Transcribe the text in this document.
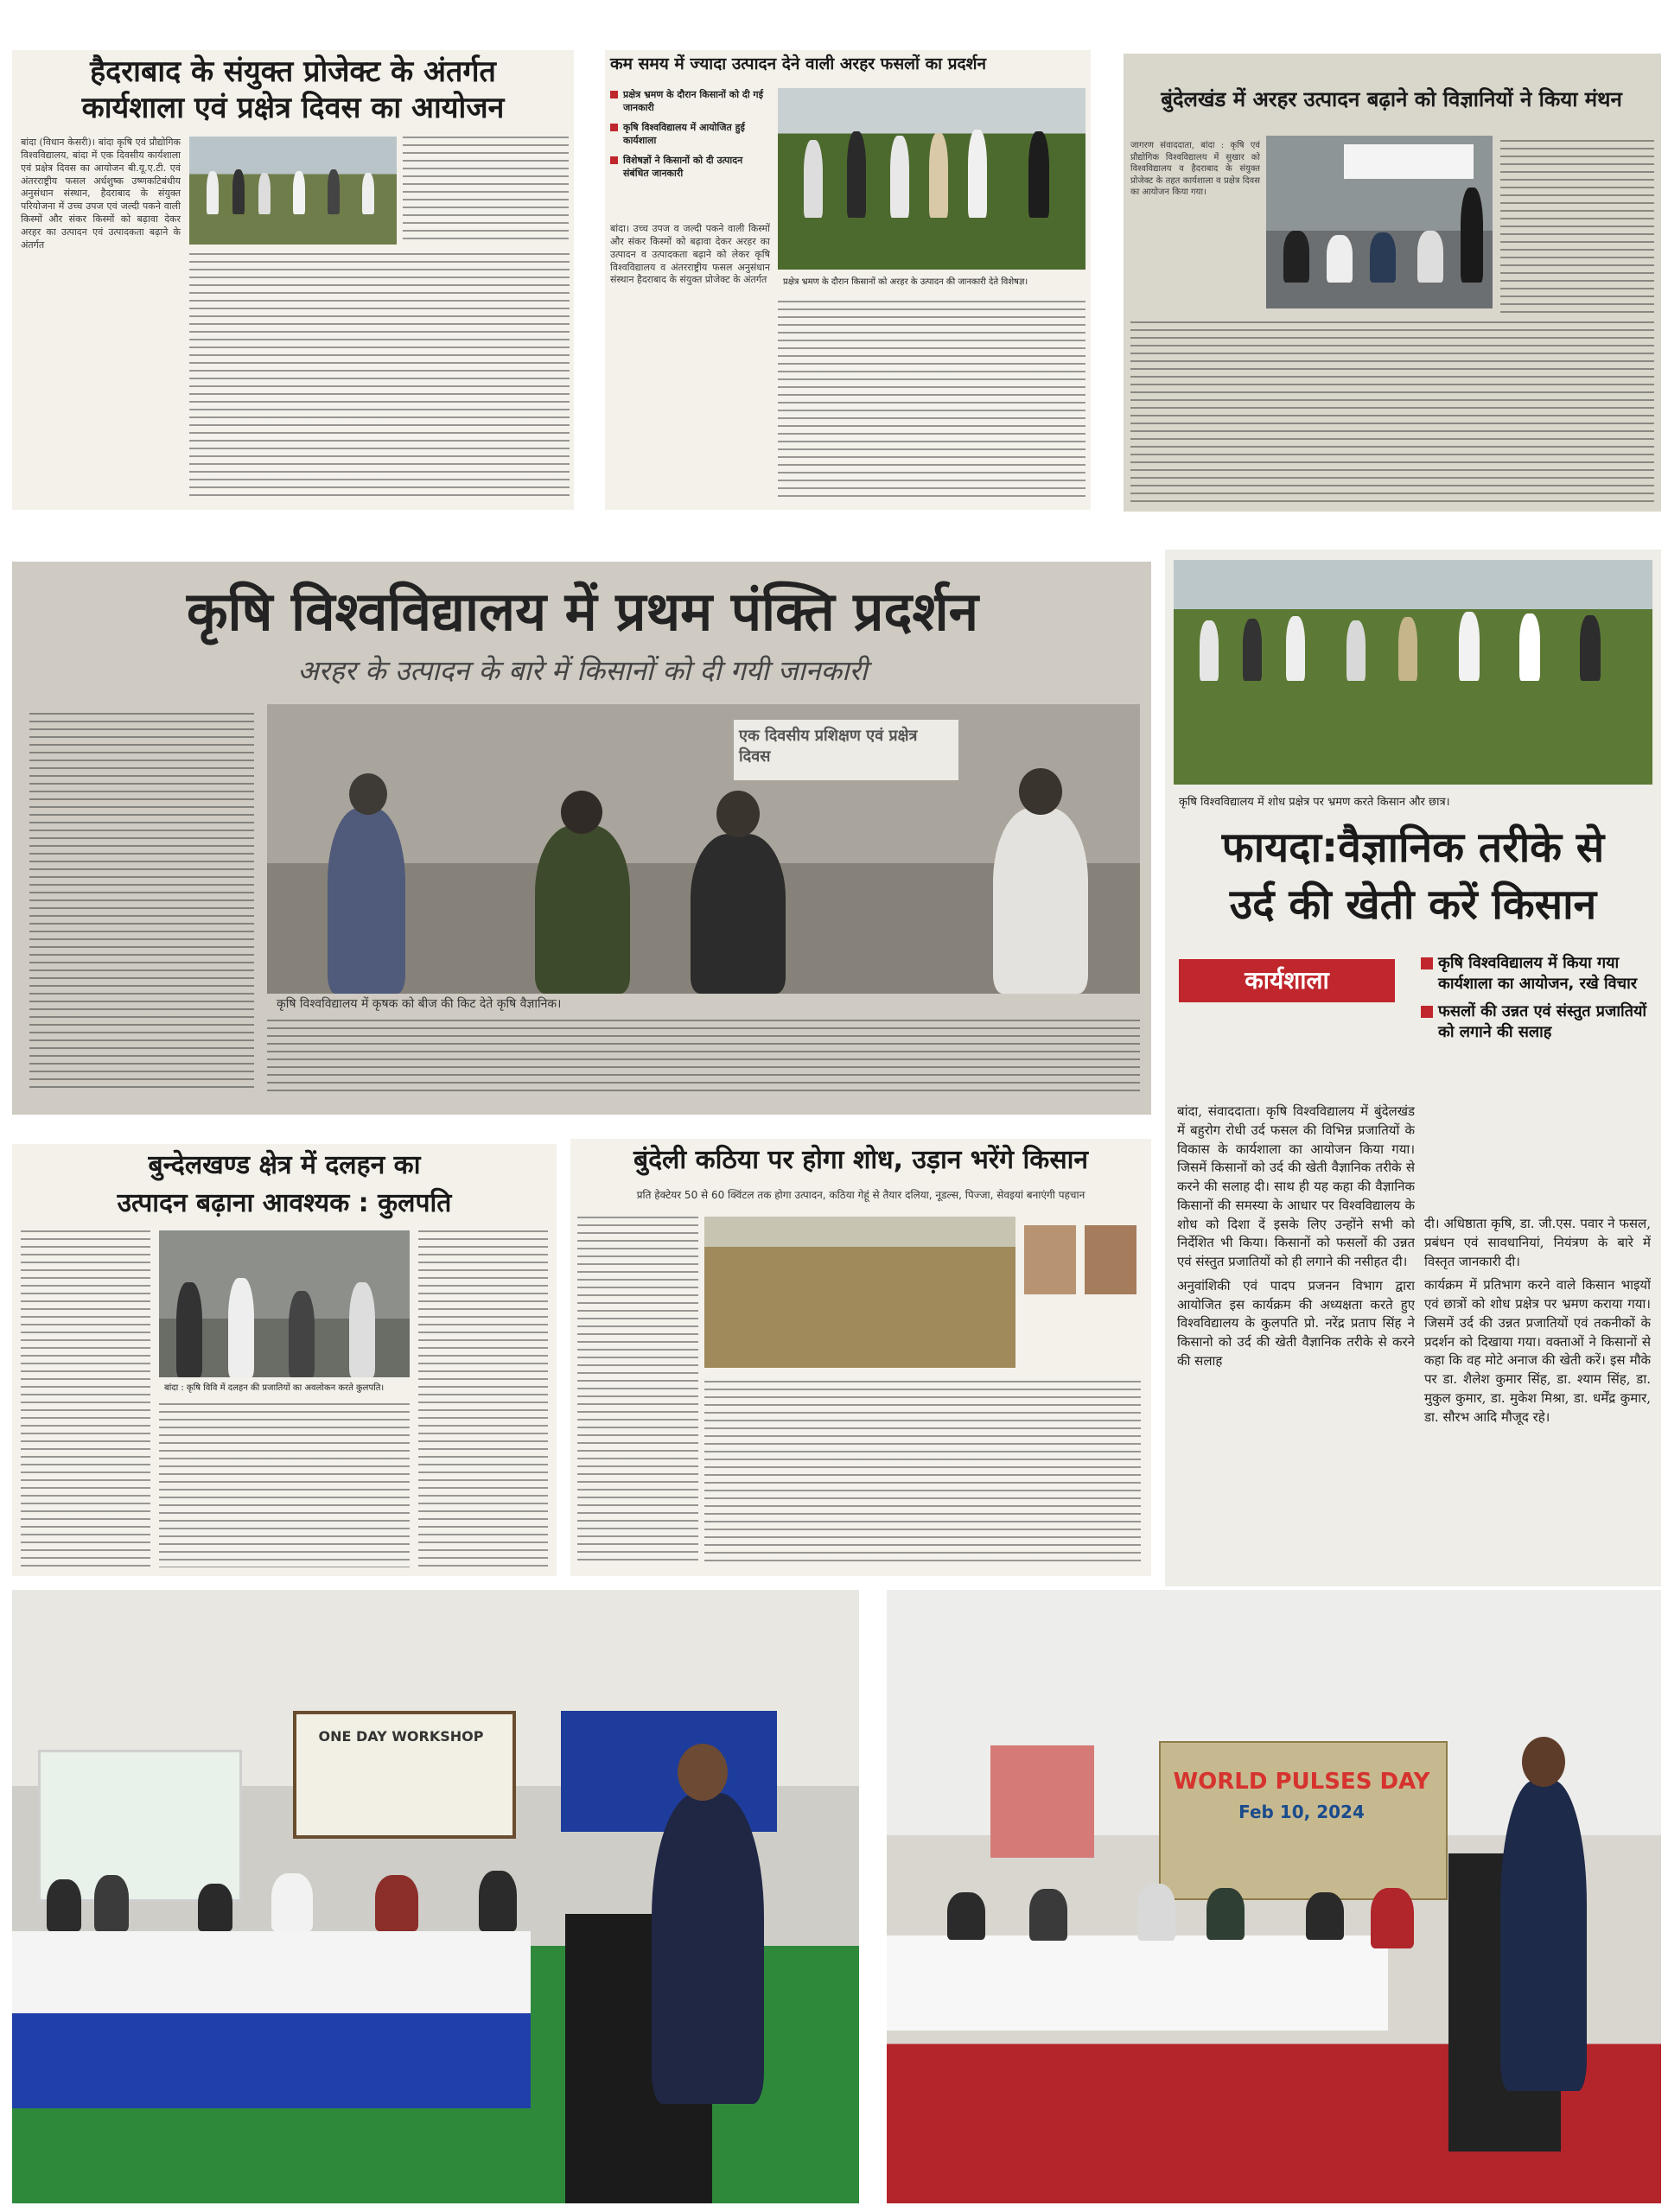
हैदराबाद के संयुक्त प्रोजेक्ट के अंतर्गत
कार्यशाला एवं प्रक्षेत्र दिवस का आयोजन
बांदा (विधान केसरी)। बांदा कृषि एवं प्रौद्योगिक विश्वविद्यालय, बांदा में एक दिवसीय कार्यशाला एवं प्रक्षेत्र दिवस का आयोजन बी.यू.ए.टी. एवं अंतरराष्ट्रीय फसल अर्धशुष्क उष्णकटिबंधीय अनुसंधान संस्थान, हैदराबाद के संयुक्त परियोजना में उच्च उपज एवं जल्दी पकने वाली किस्मों और संकर किस्मों को बढ़ावा देकर अरहर का उत्पादन एवं उत्पादकता बढ़ाने के अंतर्गत
कम समय में ज्यादा उत्पादन देने वाली अरहर फसलों का प्रदर्शन
प्रक्षेत्र भ्रमण के दौरान किसानों को दी गई जानकारी
कृषि विश्वविद्यालय में आयोजित हुई कार्यशाला
विशेषज्ञों ने किसानों को दी उत्पादन संबंधित जानकारी
प्रक्षेत्र भ्रमण के दौरान किसानों को अरहर के उत्पादन की जानकारी देते विशेषज्ञ।
बांदा। उच्च उपज व जल्दी पकने वाली किस्मों और संकर किस्मों को बढ़ावा देकर अरहर का उत्पादन व उत्पादकता बढ़ाने को लेकर कृषि विश्वविद्यालय व अंतरराष्ट्रीय फसल अनुसंधान संस्थान हैदराबाद के संयुक्त प्रोजेक्ट के अंतर्गत
बुंदेलखंड में अरहर उत्पादन बढ़ाने को विज्ञानियों ने किया मंथन
जागरण संवाददाता, बांदा : कृषि एवं प्रौद्योगिक विश्वविद्यालय में सुखार को विश्वविद्यालय व हैदराबाद के संयुक्त प्रोजेक्ट के तहत कार्यशाला व प्रक्षेत्र दिवस का आयोजन किया गया।
कृषि विश्वविद्यालय में प्रथम पंक्ति प्रदर्शन
अरहर के उत्पादन के बारे में किसानों को दी गयी जानकारी
एक दिवसीय प्रशिक्षण एवं प्रक्षेत्र दिवस
कृषि विश्वविद्यालय में कृषक को बीज की किट देते कृषि वैज्ञानिक।
कृषि विश्वविद्यालय में शोध प्रक्षेत्र पर भ्रमण करते किसान और छात्र।
फायदा:वैज्ञानिक तरीके से
उर्द की खेती करें किसान
कार्यशाला
कृषि विश्वविद्यालय में किया गया कार्यशाला का आयोजन, रखे विचार
फसलों की उन्नत एवं संस्तुत प्रजातियों को लगाने की सलाह
बांदा, संवाददाता। कृषि विश्वविद्यालय में बुंदेलखंड में बहुरोग रोधी उर्द फसल की विभिन्न प्रजातियों के विकास के कार्यशाला का आयोजन किया गया। जिसमें किसानों को उर्द की खेती वैज्ञानिक तरीके से करने की सलाह दी। साथ ही यह कहा की वैज्ञानिक किसानों की समस्या के आधार पर विश्वविद्यालय के शोध को दिशा दें इसके लिए उन्होंने सभी को निर्देशित भी किया। किसानों को फसलों की उन्नत एवं संस्तुत प्रजातियों को ही लगाने की नसीहत दी।

अनुवांशिकी एवं पादप प्रजनन विभाग द्वारा आयोजित इस कार्यक्रम की अध्यक्षता करते हुए विश्वविद्यालय के कुलपति प्रो. नरेंद्र प्रताप सिंह ने किसानो को उर्द की खेती वैज्ञानिक तरीके से करने की सलाह
दी। अधिष्ठाता कृषि, डा. जी.एस. पवार ने फसल, प्रबंधन एवं सावधानियां, नियंत्रण के बारे में विस्तृत जानकारी दी।

कार्यक्रम में प्रतिभाग करने वाले किसान भाइयों एवं छात्रों को शोध प्रक्षेत्र पर भ्रमण कराया गया। जिसमें उर्द की उन्नत प्रजातियों एवं तकनीकों के प्रदर्शन को दिखाया गया। वक्ताओं ने किसानों से कहा कि वह मोटे अनाज की खेती करें। इस मौके पर डा. शैलेश कुमार सिंह, डा. श्याम सिंह, डा. मुकुल कुमार, डा. मुकेश मिश्रा, डा. धर्मेंद्र कुमार, डा. सौरभ आदि मौजूद रहे।
बुन्देलखण्ड क्षेत्र में दलहन का
उत्पादन बढ़ाना आवश्यक : कुलपति
बांदा : कृषि विवि में दलहन की प्रजातियों का अवलोकन करते कुलपति।
बुंदेली कठिया पर होगा शोध, उड़ान भरेंगे किसान
प्रति हेक्टेयर 50 से 60 क्विंटल तक होगा उत्पादन, कठिया गेहूं से तैयार दलिया, नूडल्स, पिज्जा, सेवइयां बनाएंगी पहचान
ONE DAY WORKSHOP
WORLD PULSES DAY
Feb 10, 2024
